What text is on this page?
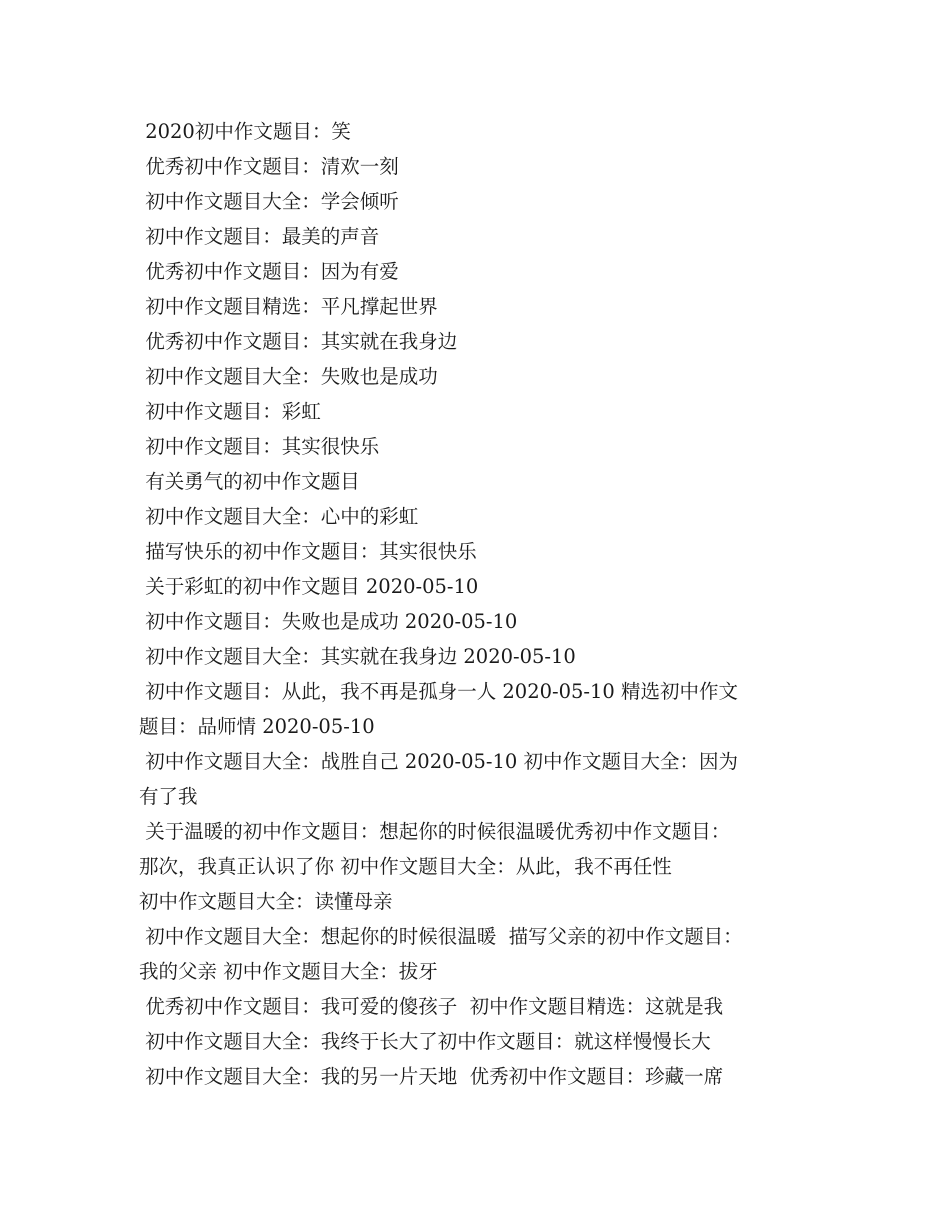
2020初中作文题目：笑

优秀初中作文题目：清欢一刻

初中作文题目大全：学会倾听

初中作文题目：最美的声音

优秀初中作文题目：因为有爱

初中作文题目精选：平凡撑起世界

优秀初中作文题目：其实就在我身边

初中作文题目大全：失败也是成功

初中作文题目：彩虹

初中作文题目：其实很快乐

有关勇气的初中作文题目

初中作文题目大全：心中的彩虹

描写快乐的初中作文题目：其实很快乐

关于彩虹的初中作文题目 2020-05-10

初中作文题目：失败也是成功 2020-05-10

初中作文题目大全：其实就在我身边 2020-05-10

初中作文题目：从此，我不再是孤身一人 2020-05-10 精选初中作文

题目：品师情 2020-05-10

初中作文题目大全：战胜自己 2020-05-10 初中作文题目大全：因为

有了我

关于温暖的初中作文题目：想起你的时候很温暖优秀初中作文题目：

那次，我真正认识了你 初中作文题目大全：从此，我不再任性

初中作文题目大全：读懂母亲

初中作文题目大全：想起你的时候很温暖  描写父亲的初中作文题目：

我的父亲 初中作文题目大全：拔牙

优秀初中作文题目：我可爱的傻孩子  初中作文题目精选：这就是我

初中作文题目大全：我终于长大了初中作文题目：就这样慢慢长大

初中作文题目大全：我的另一片天地  优秀初中作文题目：珍藏一席
